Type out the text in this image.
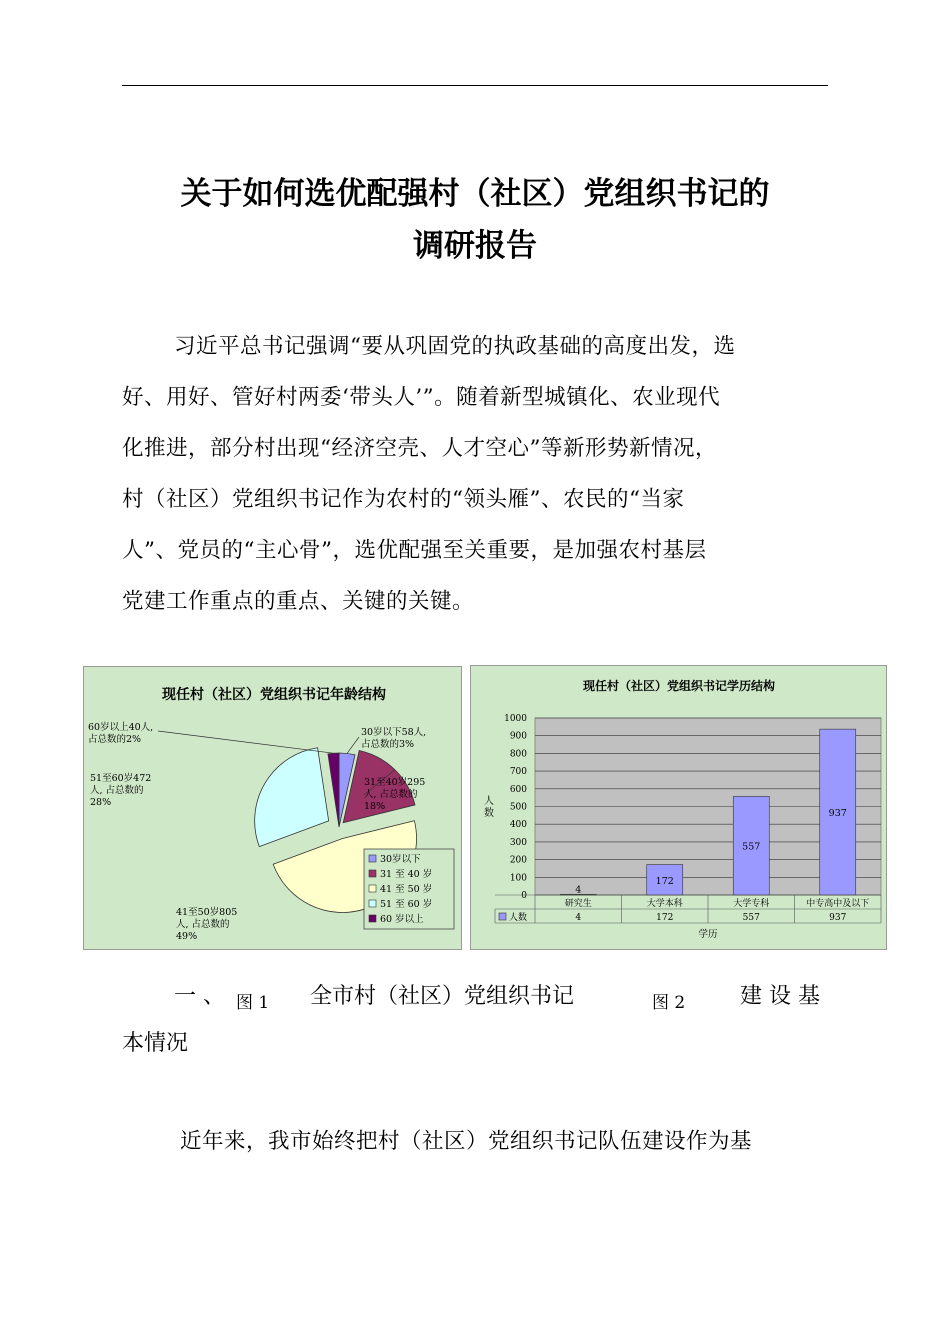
关于如何选优配强村（社区）党组织书记的
调研报告

习近平总书记强调“要从巩固党的执政基础的高度出发，选

好、用好、管好村两委‘带头人’”。随着新型城镇化、农业现代

化推进，部分村出现“经济空壳、人才空心”等新形势新情况，

村（社区）党组织书记作为农村的“领头雁”、农民的“当家

人”、党员的“主心骨”，选优配强至关重要，是加强农村基层

党建工作重点的重点、关键的关键。

现任村（社区）党组织书记年龄结构
30岁以下58人,
占总数的3%
31至40岁295
人, 占总数的
18%
41至50岁805
人, 占总数的
49%
51至60岁472
人, 占总数的
28%
60岁以上40人,
占总数的2%
30岁以下
31 至 40 岁
41 至 50 岁
51 至 60 岁
60 岁以上
现任村（社区）党组织书记学历结构
0
100
200
300
400
500
600
700
800
900
1000
人
数
4
172
557
937
研究生
4
大学本科
172
大学专科
557
中专高中及以下
937
人数
学历
一 、 图 1 全市村（社区）党组织书记	图 2 建 设 基
本情况

近年来，我市始终把村（社区）党组织书记队伍建设作为基
